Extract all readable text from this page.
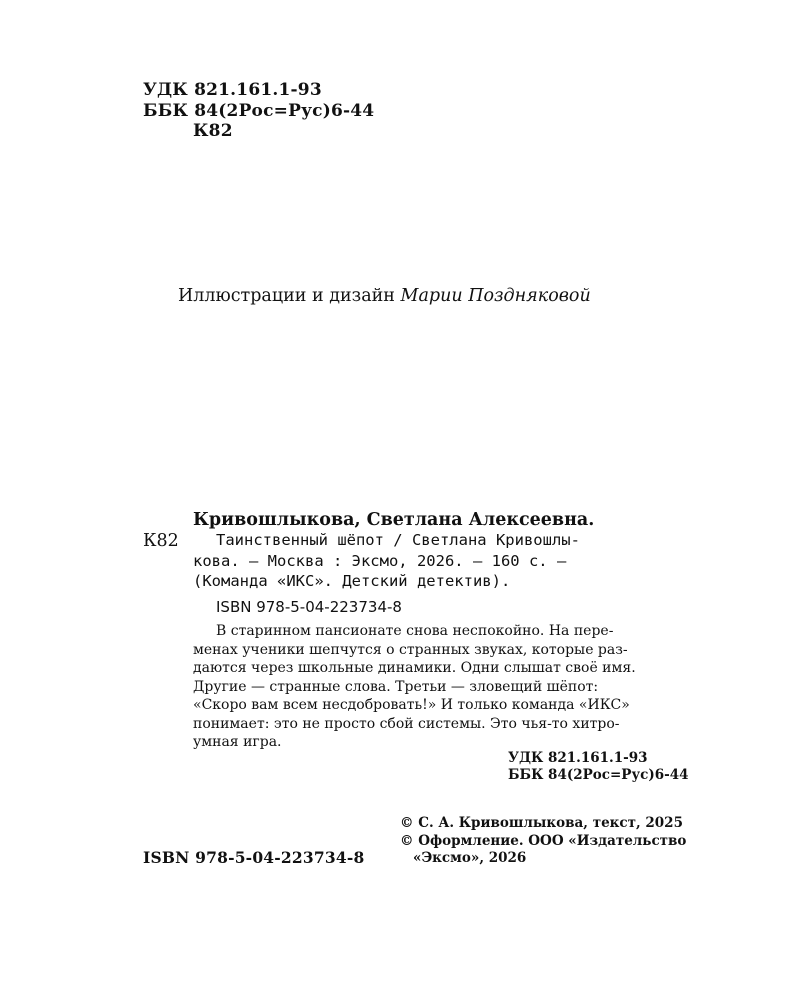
УДК 821.161.1-93
ББК 84(2Рос=Рус)6-44
К82
Иллюстрации и дизайн Марии Поздняковой
Кривошлыкова, Светлана Алексеевна.
К82 Таинственный шёпот / Светлана Кривошлы-
кова. — Москва : Эксмо, 2026. — 160 с. —
(Команда «ИКС». Детский детектив).
ISBN 978-5-04-223734-8
В старинном пансионате снова неспокойно. На пере-
менах ученики шепчутся о странных звуках, которые раз-
даются через школьные динамики. Одни слышат своё имя.
Другие — странные слова. Третьи — зловещий шёпот:
«Скоро вам всем несдобровать!» И только команда «ИКС»
понимает: это не просто сбой системы. Это чья-то хитро-
умная игра.
УДК 821.161.1-93
ББК 84(2Рос=Рус)6-44
© С. А. Кривошлыкова, текст, 2025
© Оформление. ООО «Издательство
«Эксмо», 2026
ISBN 978-5-04-223734-8
